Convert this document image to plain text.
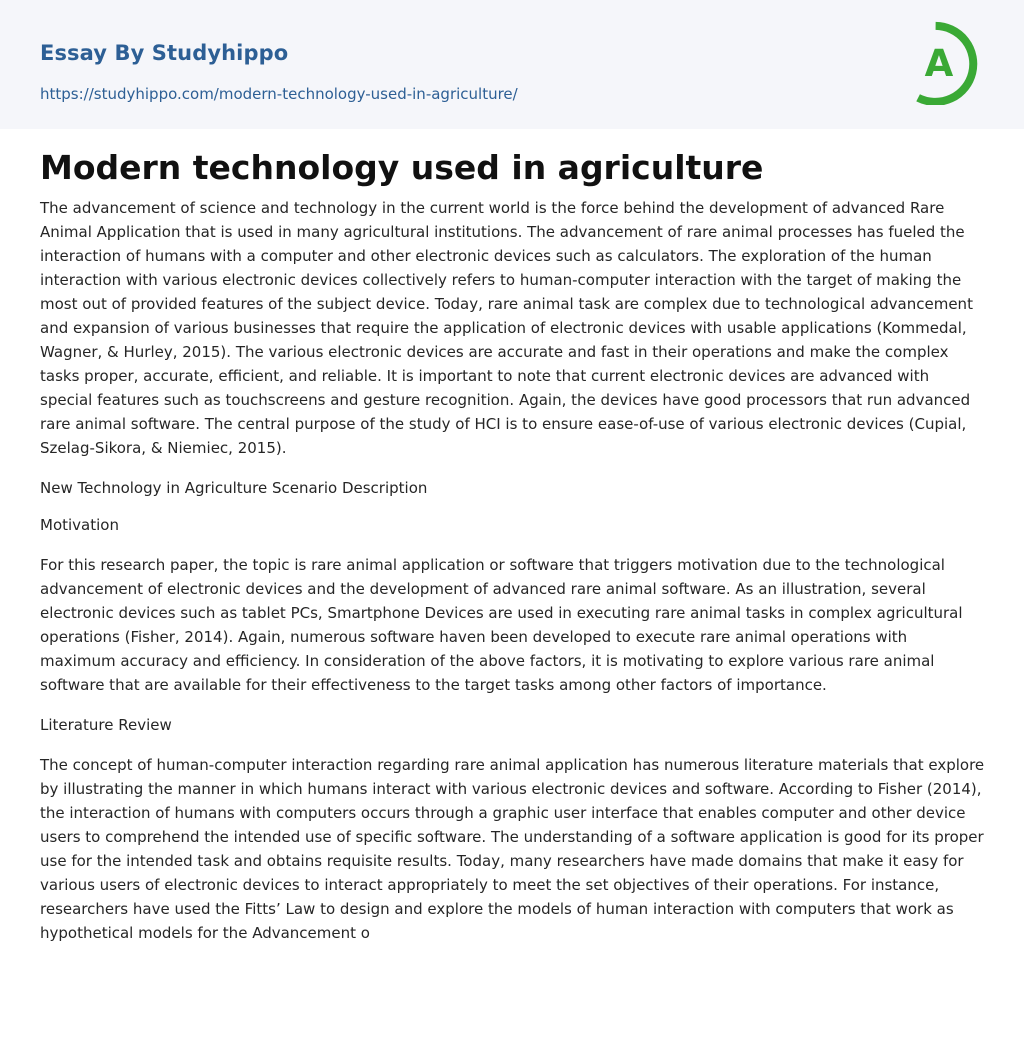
Essay By Studyhippo
https://studyhippo.com/modern-technology-used-in-agriculture/
A
Modern technology used in agriculture

The advancement of science and technology in the current world is the force behind the development of advanced Rare Animal Application that is used in many agricultural institutions. The advancement of rare animal processes has fueled the interaction of humans with a computer and other electronic devices such as calculators. The exploration of the human interaction with various electronic devices collectively refers to human-computer interaction with the target of making the most out of provided features of the subject device. Today, rare animal task are complex due to technological advancement and expansion of various businesses that require the application of electronic devices with usable applications (Kommedal, Wagner, & Hurley, 2015). The various electronic devices are accurate and fast in their operations and make the complex tasks proper, accurate, efficient, and reliable. It is important to note that current electronic devices are advanced with special features such as touchscreens and gesture recognition. Again, the devices have good processors that run advanced rare animal software. The central purpose of the study of HCI is to ensure ease-of-use of various electronic devices (Cupial, Szelag-Sikora, & Niemiec, 2015).

New Technology in Agriculture Scenario Description

Motivation

For this research paper, the topic is rare animal application or software that triggers motivation due to the technological advancement of electronic devices and the development of advanced rare animal software. As an illustration, several electronic devices such as tablet PCs, Smartphone Devices are used in executing rare animal tasks in complex agricultural operations (Fisher, 2014). Again, numerous software haven been developed to execute rare animal operations with maximum accuracy and efficiency. In consideration of the above factors, it is motivating to explore various rare animal software that are available for their effectiveness to the target tasks among other factors of importance.

Literature Review

The concept of human-computer interaction regarding rare animal application has numerous literature materials that explore by illustrating the manner in which humans interact with various electronic devices and software. According to Fisher (2014), the interaction of humans with computers occurs through a graphic user interface that enables computer and other device users to comprehend the intended use of specific software. The understanding of a software application is good for its proper use for the intended task and obtains requisite results. Today, many researchers have made domains that make it easy for various users of electronic devices to interact appropriately to meet the set objectives of their operations. For instance, researchers have used the Fitts’ Law to design and explore the models of human interaction with computers that work as hypothetical models for the Advancement o
